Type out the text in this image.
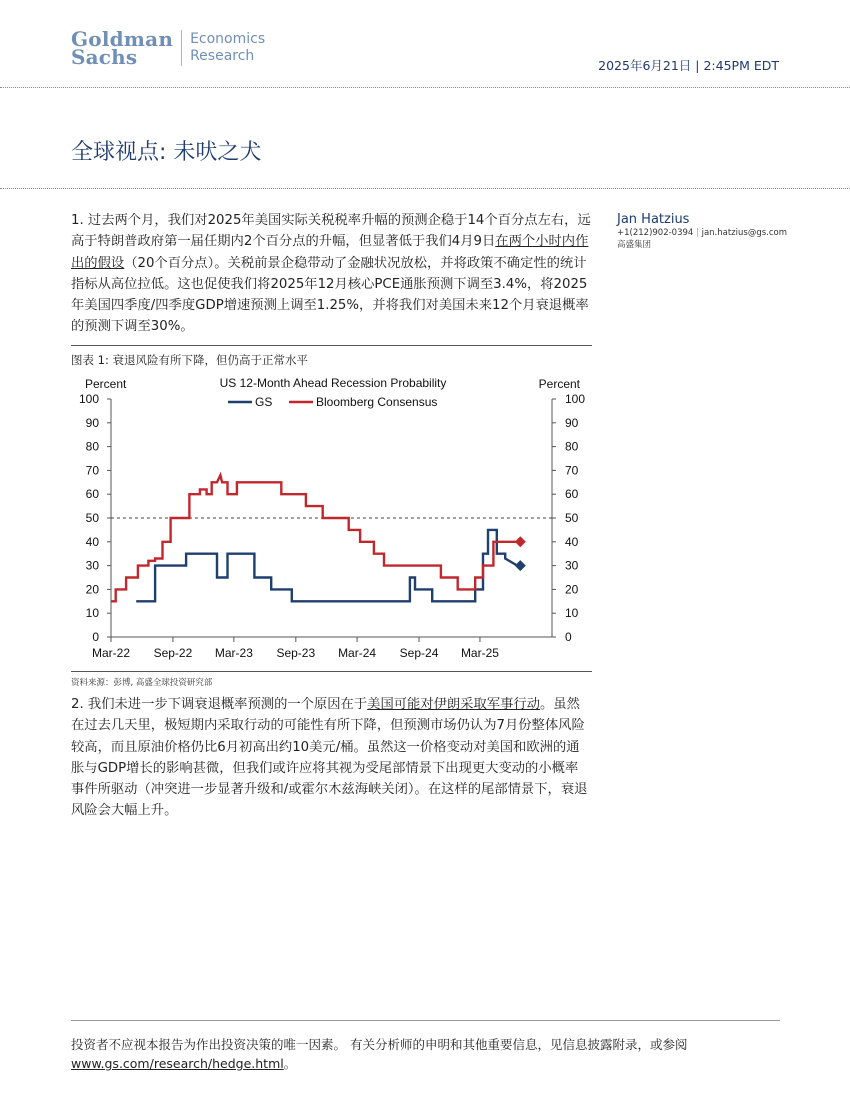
Goldman
Sachs
Economics
Research
2025年6月21日 | 2:45PM EDT
全球视点: 未吠之犬
1. 过去两个月，我们对2025年美国实际关税税率升幅的预测企稳于14个百分点左右，远高于特朗普政府第一届任期内2个百分点的升幅，但显著低于我们4月9日在两个小时内作出的假设（20个百分点）。关税前景企稳带动了金融状况放松，并将政策不确定性的统计指标从高位拉低。这也促使我们将2025年12月核心PCE通胀预测下调至3.4%，将2025年美国四季度/四季度GDP增速预测上调至1.25%，并将我们对美国未来12个月衰退概率的预测下调至30%。
Jan Hatzius
+1(212)902-0394 | jan.hatzius@gs.com
高盛集团
图表 1: 衰退风险有所下降，但仍高于正常水平
0	0
10	10
20	20
30	30
40	40
50	50
60	60
70	70
80	80
90	90
100	100
Mar-22 Sep-22 Mar-23 Sep-23 Mar-24 Sep-24 Mar-25
Percent	Percent
US 12-Month Ahead Recession Probability
GS	Bloomberg Consensus
资料来源：彭博, 高盛全球投资研究部
2. 我们未进一步下调衰退概率预测的一个原因在于美国可能对伊朗采取军事行动。虽然在过去几天里，极短期内采取行动的可能性有所下降，但预测市场仍认为7月份整体风险较高，而且原油价格仍比6月初高出约10美元/桶。虽然这一价格变动对美国和欧洲的通胀与GDP增长的影响甚微，但我们或许应将其视为受尾部情景下出现更大变动的小概率事件所驱动（冲突进一步显著升级和/或霍尔木兹海峡关闭）。在这样的尾部情景下，衰退风险会大幅上升。
投资者不应视本报告为作出投资决策的唯一因素。 有关分析师的申明和其他重要信息，见信息披露附录，或参阅
www.gs.com/research/hedge.html。
